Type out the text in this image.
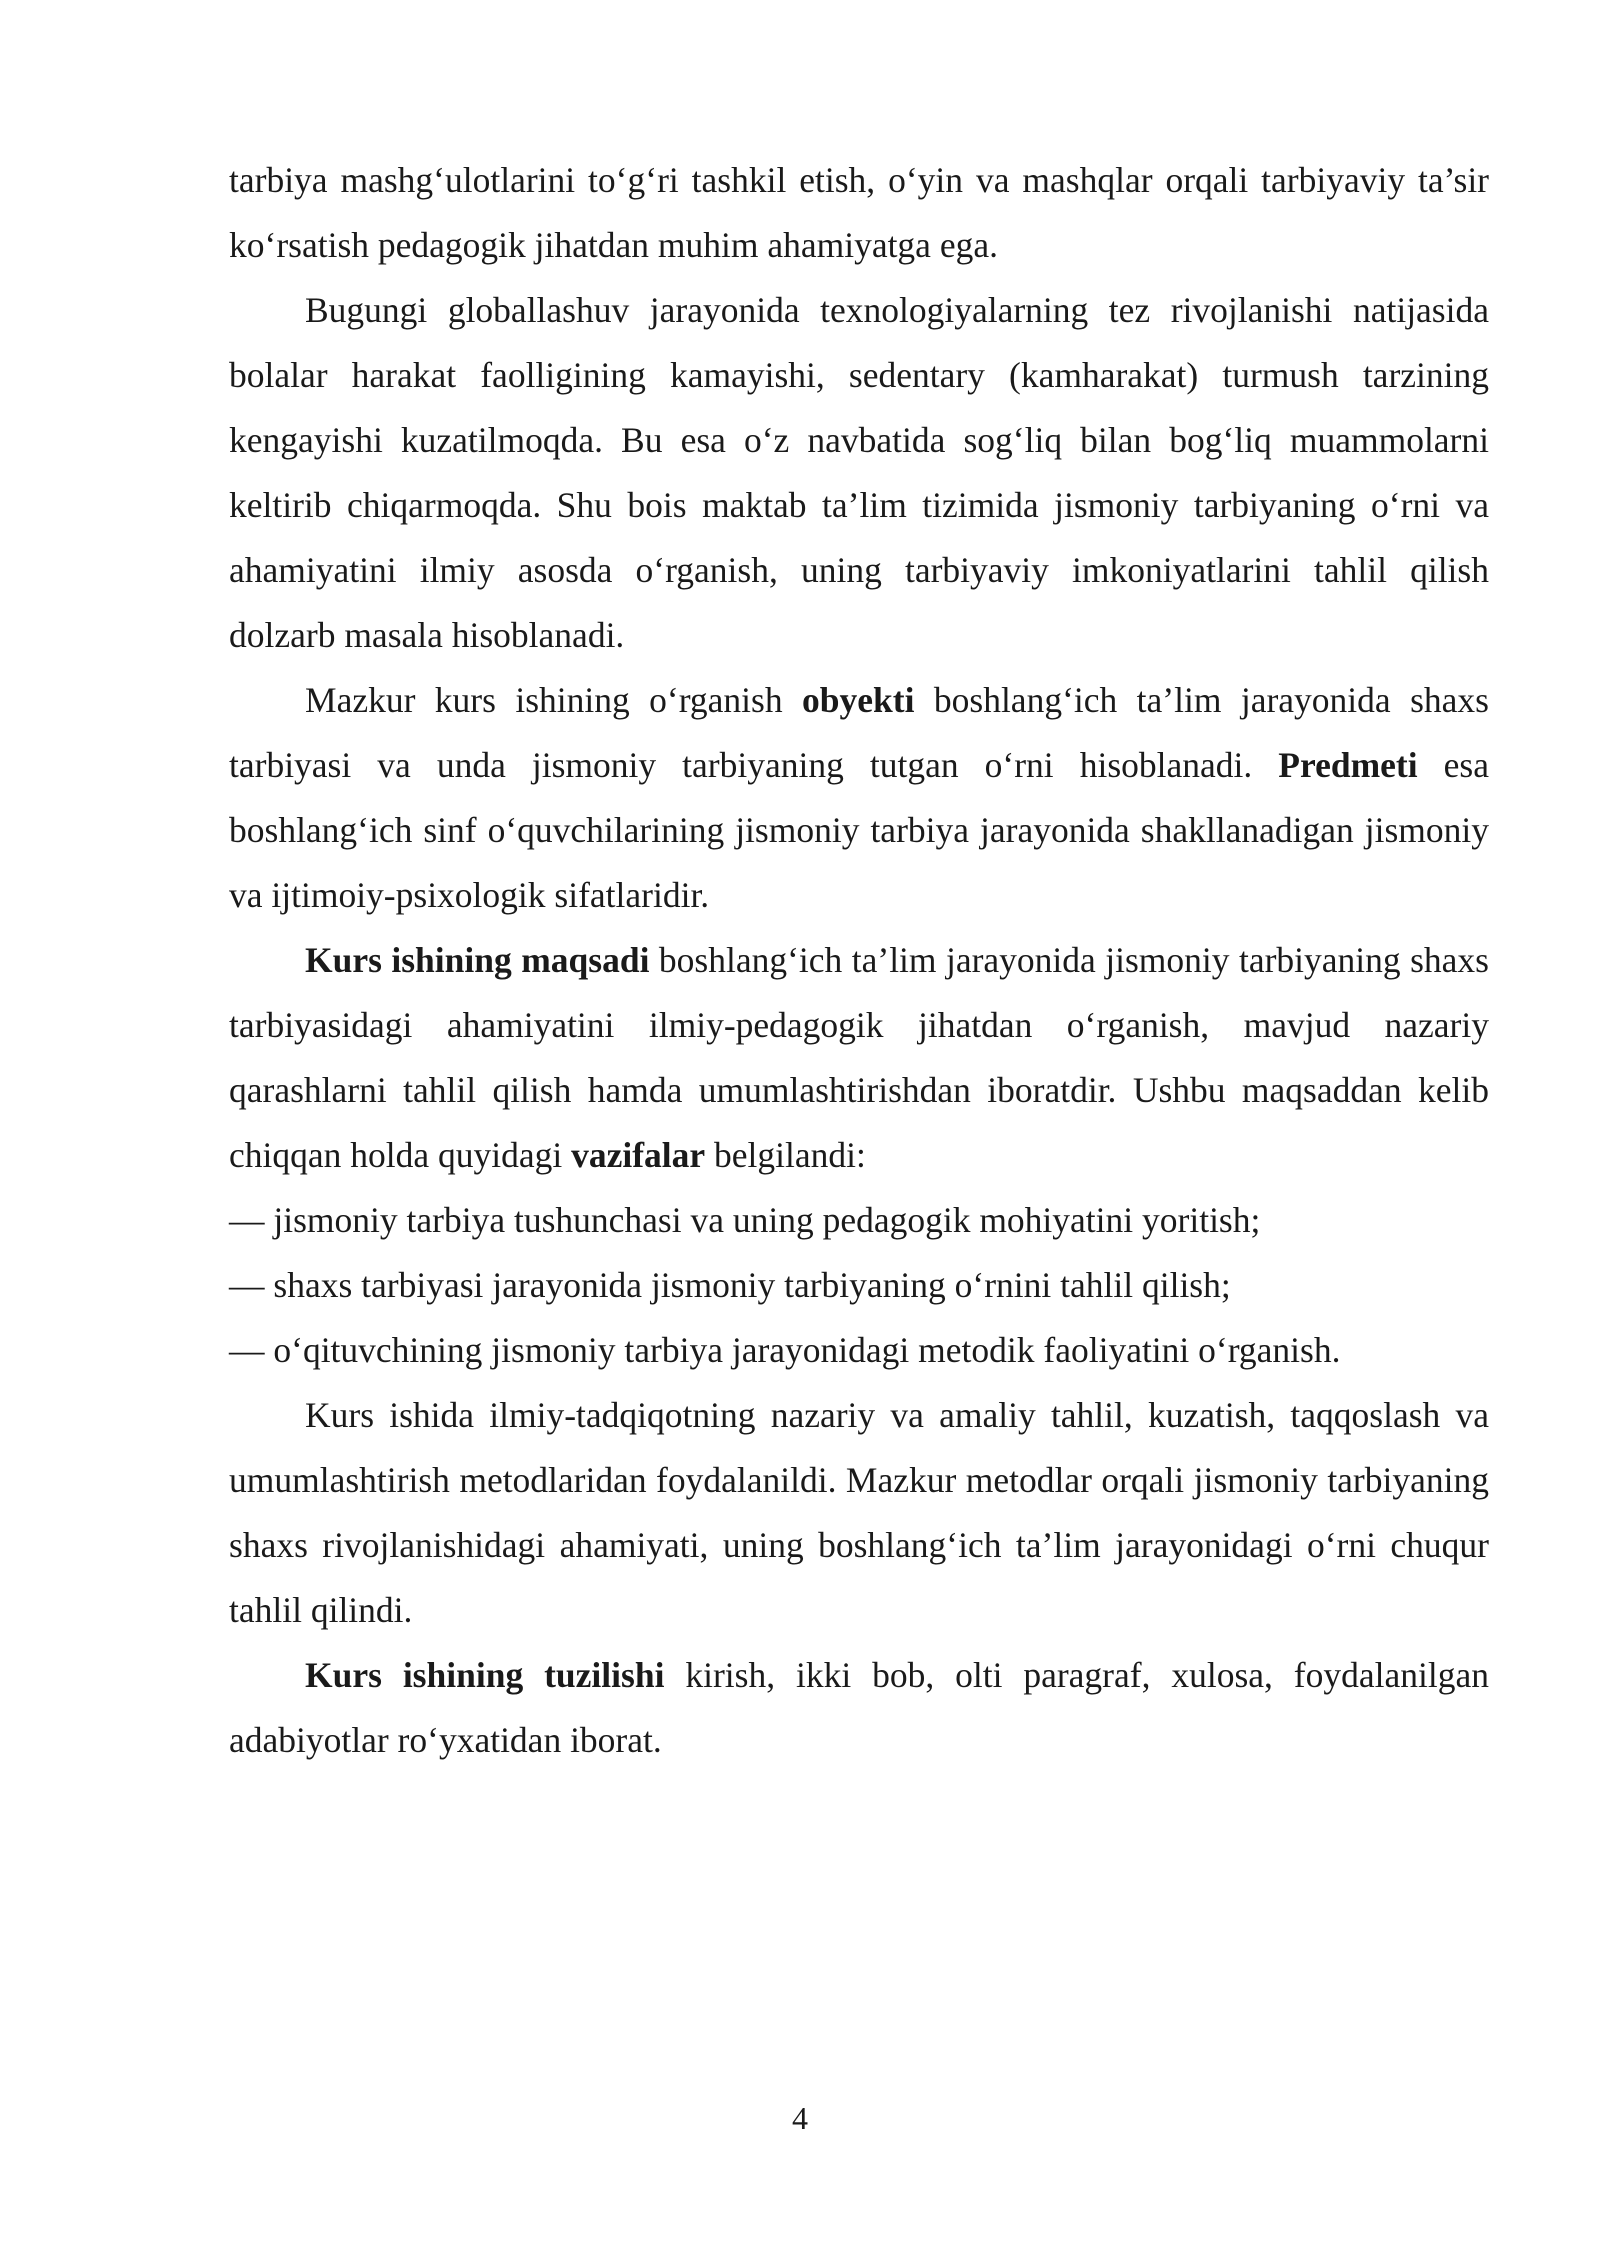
tarbiya mashg‘ulotlarini to‘g‘ri tashkil etish, o‘yin va mashqlar orqali tarbiyaviy ta’sir ko‘rsatish pedagogik jihatdan muhim ahamiyatga ega.

Bugungi globallashuv jarayonida texnologiyalarning tez rivojlanishi natijasida bolalar harakat faolligining kamayishi, sedentary (kamharakat) turmush tarzining kengayishi kuzatilmoqda. Bu esa o‘z navbatida sog‘liq bilan bog‘liq muammolarni keltirib chiqarmoqda. Shu bois maktab ta’lim tizimida jismoniy tarbiyaning o‘rni va ahamiyatini ilmiy asosda o‘rganish, uning tarbiyaviy imkoniyatlarini tahlil qilish dolzarb masala hisoblanadi.

Mazkur kurs ishining o‘rganish obyekti boshlang‘ich ta’lim jarayonida shaxs tarbiyasi va unda jismoniy tarbiyaning tutgan o‘rni hisoblanadi. Predmeti esa boshlang‘ich sinf o‘quvchilarining jismoniy tarbiya jarayonida shakllanadigan jismoniy va ijtimoiy-psixologik sifatlaridir.

Kurs ishining maqsadi boshlang‘ich ta’lim jarayonida jismoniy tarbiyaning shaxs tarbiyasidagi ahamiyatini ilmiy-pedagogik jihatdan o‘rganish, mavjud nazariy qarashlarni tahlil qilish hamda umumlashtirishdan iboratdir. Ushbu maqsaddan kelib chiqqan holda quyidagi vazifalar belgilandi:

— jismoniy tarbiya tushunchasi va uning pedagogik mohiyatini yoritish;

— shaxs tarbiyasi jarayonida jismoniy tarbiyaning o‘rnini tahlil qilish;

— o‘qituvchining jismoniy tarbiya jarayonidagi metodik faoliyatini o‘rganish.

Kurs ishida ilmiy-tadqiqotning nazariy va amaliy tahlil, kuzatish, taqqoslash va umumlashtirish metodlaridan foydalanildi. Mazkur metodlar orqali jismoniy tarbiyaning shaxs rivojlanishidagi ahamiyati, uning boshlang‘ich ta’lim jarayonidagi o‘rni chuqur tahlil qilindi.

Kurs ishining tuzilishi kirish, ikki bob, olti paragraf, xulosa, foydalanilgan adabiyotlar ro‘yxatidan iborat.

4
